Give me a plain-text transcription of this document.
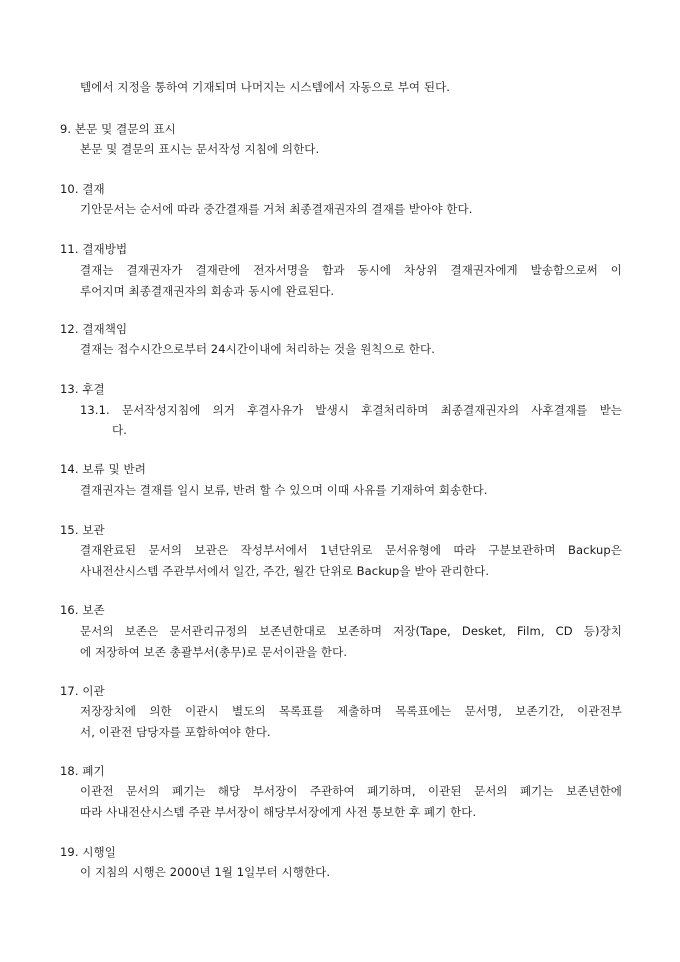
템에서 지정을 통하여 기재되며 나머지는 시스템에서 자동으로 부여 된다.
9. 본문 및 결문의 표시
본문 및 결문의 표시는 문서작성 지침에 의한다.
10. 결재
기안문서는 순서에 따라 중간결재를 거쳐 최종결재권자의 결재를 받아야 한다.
11. 결재방법
결재는 결재권자가 결재란에 전자서명을 함과 동시에 차상위 결재권자에게 발송함으로써 이
루어지며 최종결재권자의 회송과 동시에 완료된다.
12. 결재책임
결재는 접수시간으로부터 24시간이내에 처리하는 것을 원칙으로 한다.
13. 후결
13.1. 문서작성지침에 의거 후결사유가 발생시 후결처리하며 최종결재권자의 사후결재를 받는
다.
14. 보류 및 반려
결재권자는 결재를 일시 보류, 반려 할 수 있으며 이때 사유를 기재하여 회송한다.
15. 보관
결재완료된 문서의 보관은 작성부서에서 1년단위로 문서유형에 따라 구분보관하며 Backup은
사내전산시스템 주관부서에서 일간, 주간, 월간 단위로 Backup을 받아 관리한다.
16. 보존
문서의 보존은 문서관리규정의 보존년한대로 보존하며 저장(Tape, Desket, Film, CD 등)장치
에 저장하여 보존 총괄부서(총무)로 문서이관을 한다.
17. 이관
저장장치에 의한 이관시 별도의 목록표를 제출하며 목록표에는 문서명, 보존기간, 이관전부
서, 이관전 담당자를 포함하여야 한다.
18. 폐기
이관전 문서의 폐기는 해당 부서장이 주관하여 폐기하며, 이관된 문서의 폐기는 보존년한에
따라 사내전산시스템 주관 부서장이 해당부서장에게 사전 통보한 후 폐기 한다.
19. 시행일
이 지침의 시행은 2000년 1월 1일부터 시행한다.
